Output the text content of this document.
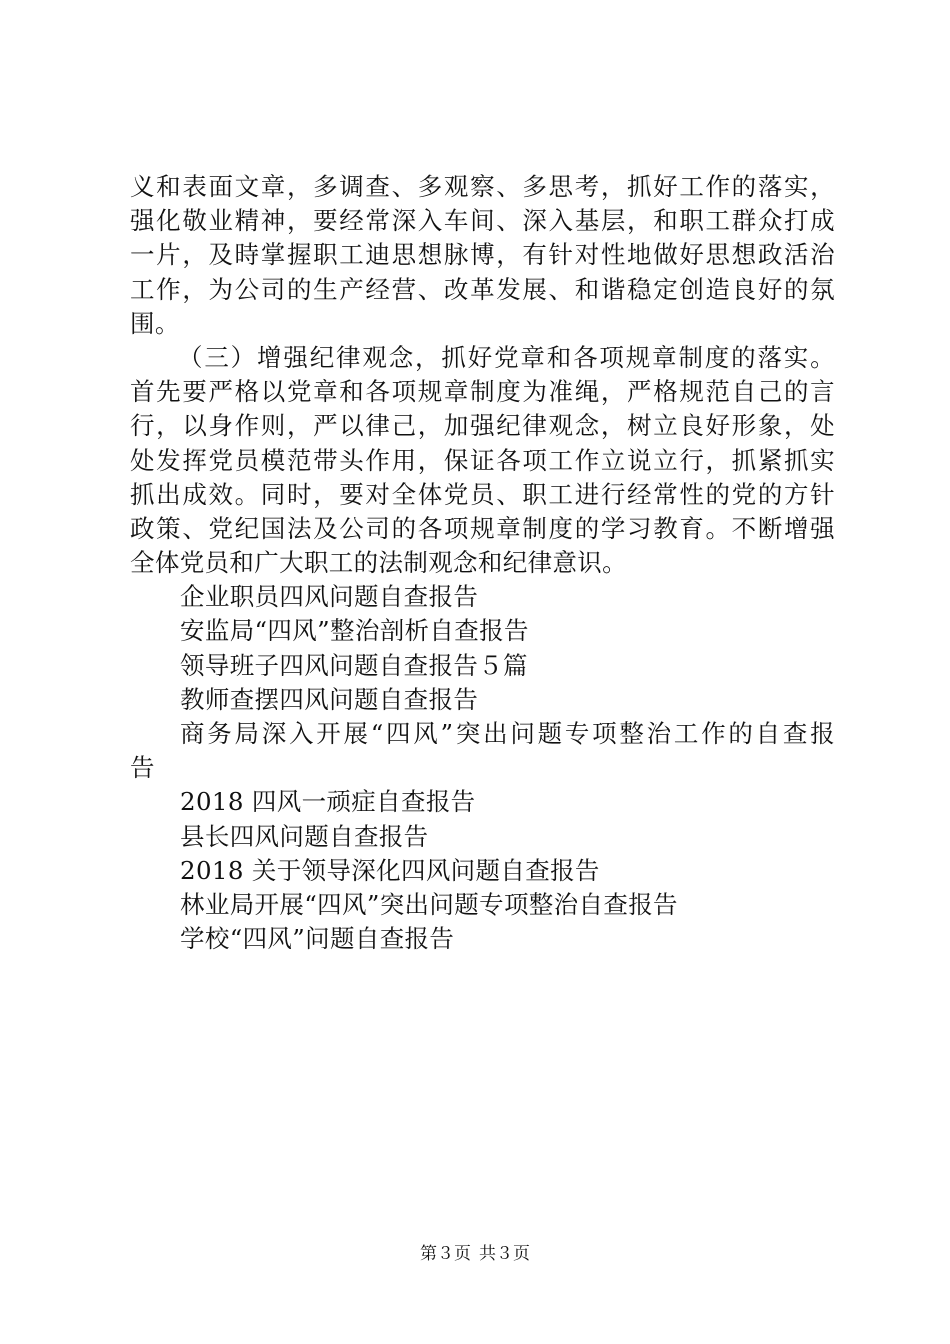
义和表面文章，多调查、多观察、多思考，抓好工作的落实，
强化敬业精神，要经常深入车间、深入基层，和职工群众打成
一片，及時掌握职工迪思想脉博，有针对性地做好思想政活治
工作，为公司的生产经营、改革发展、和谐稳定创造良好的氛
围。
（三）增强纪律观念，抓好党章和各项规章制度的落实。
首先要严格以党章和各项规章制度为准绳，严格规范自己的言
行，以身作则，严以律己，加强纪律观念，树立良好形象，处
处发挥党员模范带头作用，保证各项工作立说立行，抓紧抓实
抓出成效。同时，要对全体党员、职工进行经常性的党的方针
政策、党纪国法及公司的各项规章制度的学习教育。不断增强
全体党员和广大职工的法制观念和纪律意识。
企业职员四风问题自查报告
安监局“四风”整治剖析自查报告
领导班子四风问题自查报告５篇
教师查摆四风问题自查报告
商务局深入开展“四风”突出问题专项整治工作的自查报
告
2018 四风一顽症自查报告
县长四风问题自查报告
2018 关于领导深化四风问题自查报告
林业局开展“四风”突出问题专项整治自查报告
学校“四风”问题自查报告
第３页 共３页
